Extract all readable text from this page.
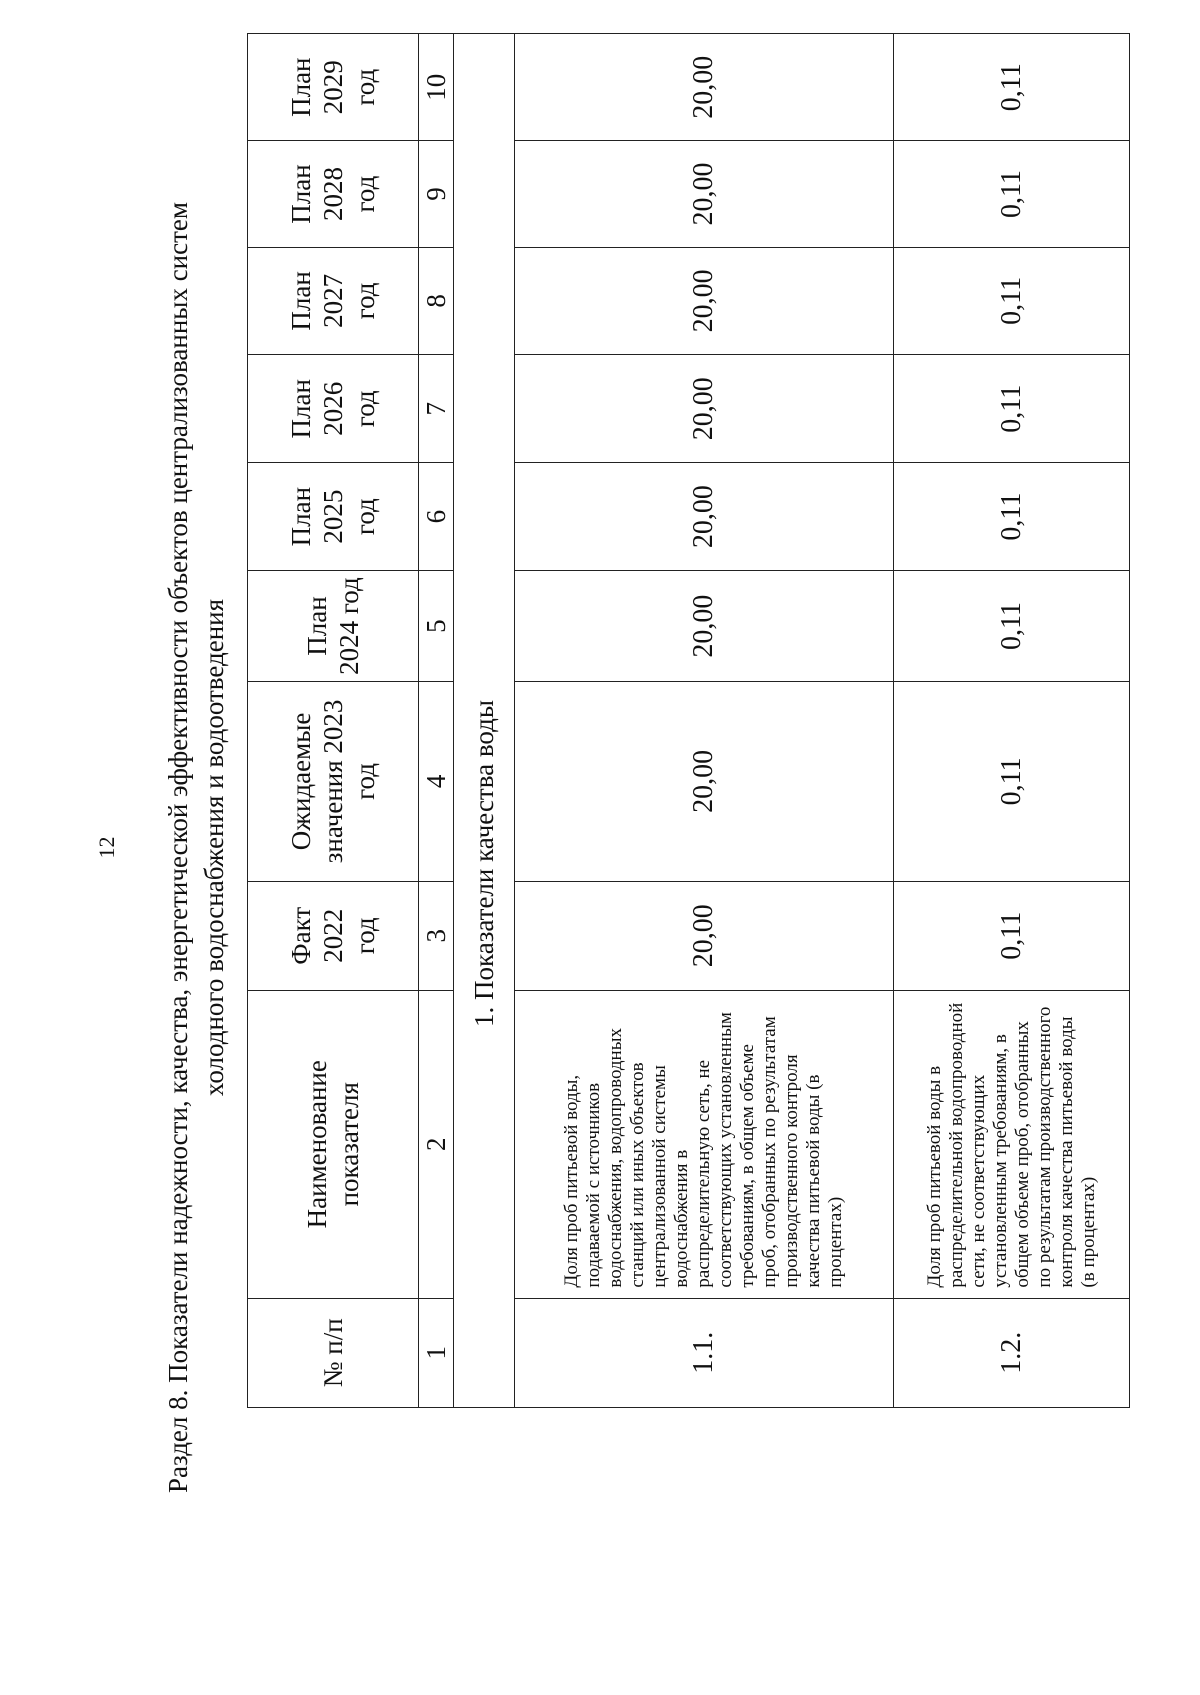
12 Раздел 8. Показатели надежности, качества, энергетической эффективности объектов централизованных систем холодного водоснабжения и водоотведения
№ п/п	Наименование показателя	Факт 2022 год	Ожидаемые значения 2023 год	План 2024 год	План 2025 год	План 2026 год	План 2027 год	План 2028 год	План 2029 год
1	2	3	4	5	6	7	8	9	10
1. Показатели качества воды									
1.1.	Доля проб питьевой воды, подаваемой с источников водоснабжения, водопроводных станций или иных объектов централизованной системы водоснабжения в распределительную сеть, не соответствующих установленным требованиям, в общем объеме проб, отобранных по результатам производственного контроля качества питьевой воды (в процентах)	20,00	20,00	20,00	20,00	20,00	20,00	20,00	20,00
1.2.	Доля проб питьевой воды в распределительной водопроводной сети, не соответствующих установленным требованиям, в общем объеме проб, отобранных по результатам производственного контроля качества питьевой воды (в процентах)	0,11	0,11	0,11	0,11	0,11	0,11	0,11	0,11
